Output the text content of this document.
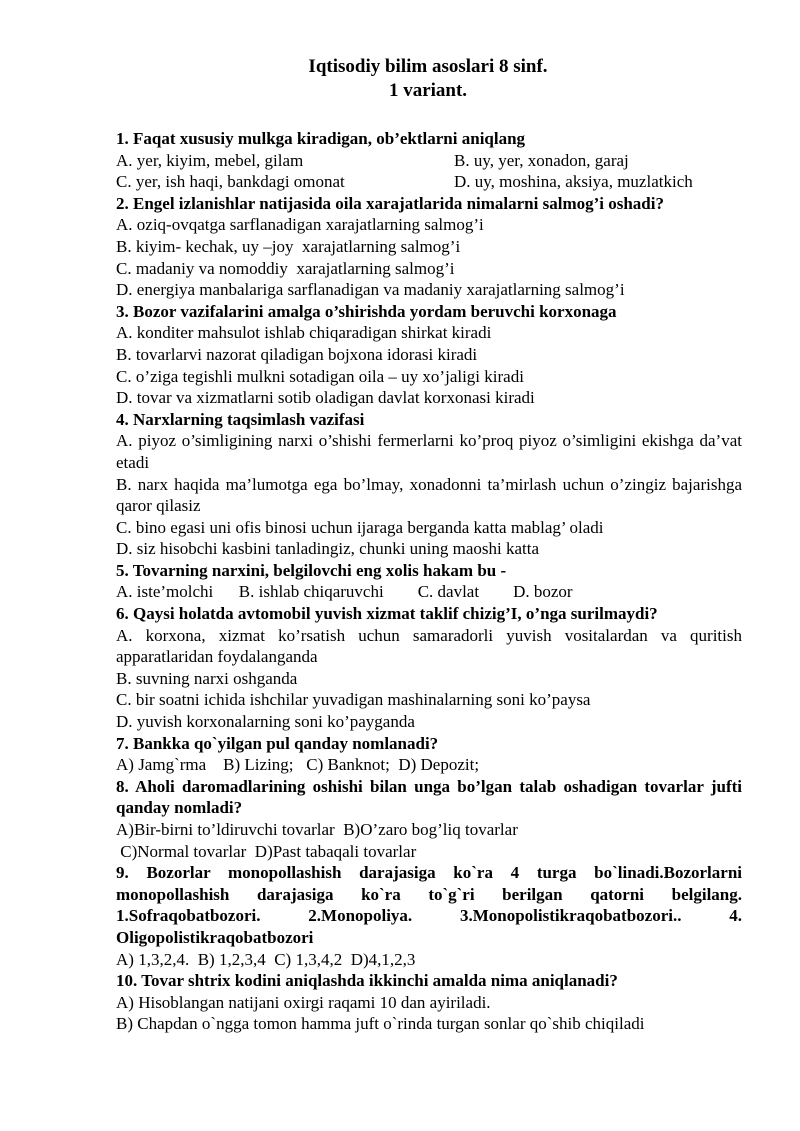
Iqtisodiy bilim asoslari 8 sinf.
1 variant.

1. Faqat xususiy mulkga kiradigan, ob’ektlarni aniqlang

A. yer, kiyim, mebel, gilam	B. uy, yer, xonadon, garaj
C. yer, ish haqi, bankdagi omonat	D. uy, moshina, aksiya, muzlatkich

2. Engel izlanishlar natijasida oila xarajatlarida nimalarni salmog’i oshadi?

A. oziq-ovqatga sarflanadigan xarajatlarning salmog’i

B. kiyim- kechak, uy –joy  xarajatlarning salmog’i

C. madaniy va nomoddiy  xarajatlarning salmog’i

D. energiya manbalariga sarflanadigan va madaniy xarajatlarning salmog’i

3. Bozor vazifalarini amalga o’shirishda yordam beruvchi korxonaga

A. konditer mahsulot ishlab chiqaradigan shirkat kiradi

B. tovarlarvi nazorat qiladigan bojxona idorasi kiradi

C. o’ziga tegishli mulkni sotadigan oila – uy xo’jaligi kiradi

D. tovar va xizmatlarni sotib oladigan davlat korxonasi kiradi

4. Narxlarning taqsimlash vazifasi

A. piyoz o’simligining narxi o’shishi fermerlarni ko’proq piyoz o’simligini ekishga da’vat etadi

B. narx haqida ma’lumotga ega bo’lmay, xonadonni ta’mirlash uchun o’zingiz bajarishga qaror qilasiz

C. bino egasi uni ofis binosi uchun ijaraga berganda katta mablag’ oladi

D. siz hisobchi kasbini tanladingiz, chunki uning maoshi katta

5. Tovarning narxini, belgilovchi eng xolis hakam bu -

A. iste’molchi      B. ishlab chiqaruvchi        C. davlat        D. bozor

6. Qaysi holatda avtomobil yuvish xizmat taklif chizig’I, o’nga surilmaydi?

A. korxona, xizmat ko’rsatish uchun samaradorli yuvish vositalardan va quritish apparatlaridan foydalanganda

B. suvning narxi oshganda

C. bir soatni ichida ishchilar yuvadigan mashinalarning soni ko’paysa

D. yuvish korxonalarning soni ko’payganda

7. Bankka qo`yilgan pul qanday nomlanadi?

A) Jamg`rma    B) Lizing;   C) Banknot;  D) Depozit;

8. Aholi daromadlarining oshishi bilan unga bo’lgan talab oshadigan tovarlar jufti qanday nomladi?

A)Bir-birni to’ldiruvchi tovarlar  B)O’zaro bog’liq tovarlar

C)Normal tovarlar  D)Past tabaqali tovarlar

9. Bozorlar monopollashish darajasiga ko`ra 4 turga bo`linadi.Bozorlarni monopollashish darajasiga ko`ra to`g`ri berilgan qatorni belgilang. 1.Sofraqobatbozori. 2.Monopoliya. 3.Monopolistikraqobatbozori.. 4. Oligopolistikraqobatbozori

A) 1,3,2,4.  B) 1,2,3,4  C) 1,3,4,2  D)4,1,2,3

10. Tovar shtrix kodini aniqlashda ikkinchi amalda nima aniqlanadi?

A) Hisoblangan natijani oxirgi raqami 10 dan ayiriladi.

B) Chapdan o`ngga tomon hamma juft o`rinda turgan sonlar qo`shib chiqiladi
